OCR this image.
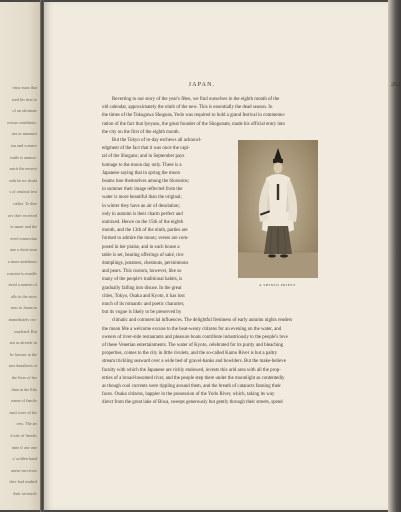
rring must that
ssed his best to
of an obstinate
erious conditions,
nes or amongst
ion and scenery
eattle is approx-
spirit the newest
eath he no doubt
s of original text
rather. To dise
ory they received
ie paper and the
ered connecting
age a short term
a more ambitious
concept is equally
iered a pattern of
ally in the story
ness to Japan in
immediately rec-
ungleted. But
ant as already in
by known in the
mer daughters of
the fives of her
than in the Edo
name of family
zard ways of the
ress. The art
d pity of literals
mite if any one
o' golden hand
anese survivors
they had studied
their seriously
JAPAN.	263
A SHINTO PRIEST.
Reverting to our story of the year's fêtes, we find ourselves in the eighth month of the
old calendar, approximately the ninth of the new. This is essentially the dead season. In
the times of the Tokugawa Shoguns, Yedo was required to hold a grand festival in commemo-
ration of the fact that Iyeyasu, the great founder of the Shogunate, made his official entry into
the city on the first of the eighth month.
But the Tokyo of to-day eschews all acknowl-
edgment of the fact that it was once the capi-
tal of the Shoguns; and in September pays
homage to the moon day only. There is a
Japanese saying that in spring the moon
beams lose themselves among the blossoms;
in summer their image reflected from the
water is more beautiful than the original;
in winter they have an air of desolation;
only in autumn is their charm perfect and
unmixed. Hence on the 15th of the eighth
month, and the 13th of the ninth, parties are
formed to admire the moon; verses are com-
posed in her praise, and in each house a
table is set, bearing offerings of saké, rice
dumplings, potatoes, chestnuts, persimmons
and pears. This custom, however, like so
many of the people's traditional habits, is
gradually falling into disuse. In the great
cities, Tokyo, Osaka and Kyoto, it has lost
much of its romantic and poetic character,
but its vogue is likely to be preserved by
climatic and commercial influences. The delightful freshness of early autumn nights renders
the moon fête a welcome excuse to the heat-weary citizens for an evening on the water, and
owners of river-side restaurants and pleasure boats contribute industriously to the people's love
of these Venetian entertainments. The water of Kyoto, celebrated for its purity and bleaching
properties, comes to the city in little rivulets, and the so-called Kamo River is but a paltry
stream trickling seaward over a wide bed of gravel-banks and bowlders. But the make-believe
faculty with which the Japanese are richly endowed, invests this arid area with all the prop-
erties of a broad-bosomed river, and the people step there under the moonlight as contentedly
as though cool currents were rippling around them, and the breath of cataracts fanning their
faces. Osaka citizens, happier in the possession of the Yodo River, which, taking its way
direct from the great lake of Biwa, sweeps generously but gently through their streets, spend
